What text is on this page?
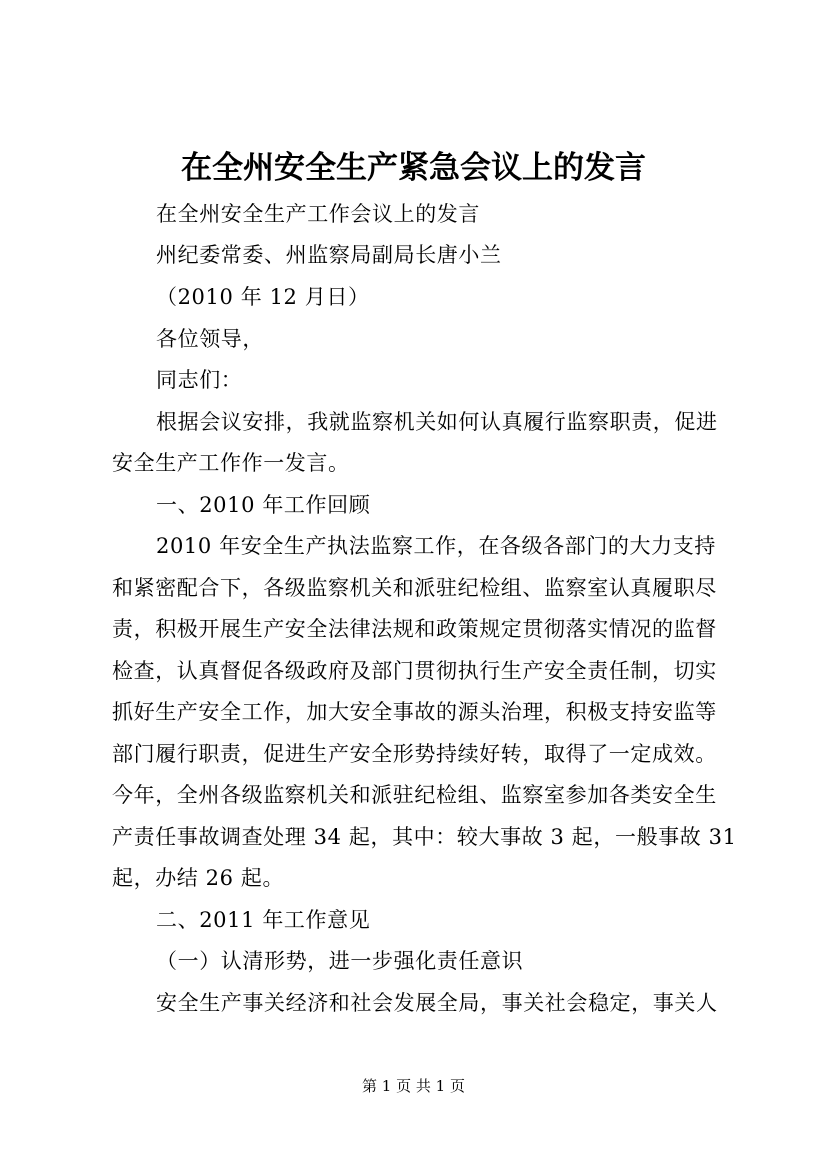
在全州安全生产紧急会议上的发言
在全州安全生产工作会议上的发言
州纪委常委、州监察局副局长唐小兰
（2010 年 12 月日）
各位领导，
同志们：
根据会议安排，我就监察机关如何认真履行监察职责，促进
安全生产工作作一发言。
一、2010 年工作回顾
2010 年安全生产执法监察工作，在各级各部门的大力支持
和紧密配合下，各级监察机关和派驻纪检组、监察室认真履职尽
责，积极开展生产安全法律法规和政策规定贯彻落实情况的监督
检查，认真督促各级政府及部门贯彻执行生产安全责任制，切实
抓好生产安全工作，加大安全事故的源头治理，积极支持安监等
部门履行职责，促进生产安全形势持续好转，取得了一定成效。
今年，全州各级监察机关和派驻纪检组、监察室参加各类安全生
产责任事故调查处理 34 起，其中：较大事故 3 起，一般事故 31
起，办结 26 起。
二、2011 年工作意见
（一）认清形势，进一步强化责任意识
安全生产事关经济和社会发展全局，事关社会稳定，事关人
第 1 页 共 1 页
